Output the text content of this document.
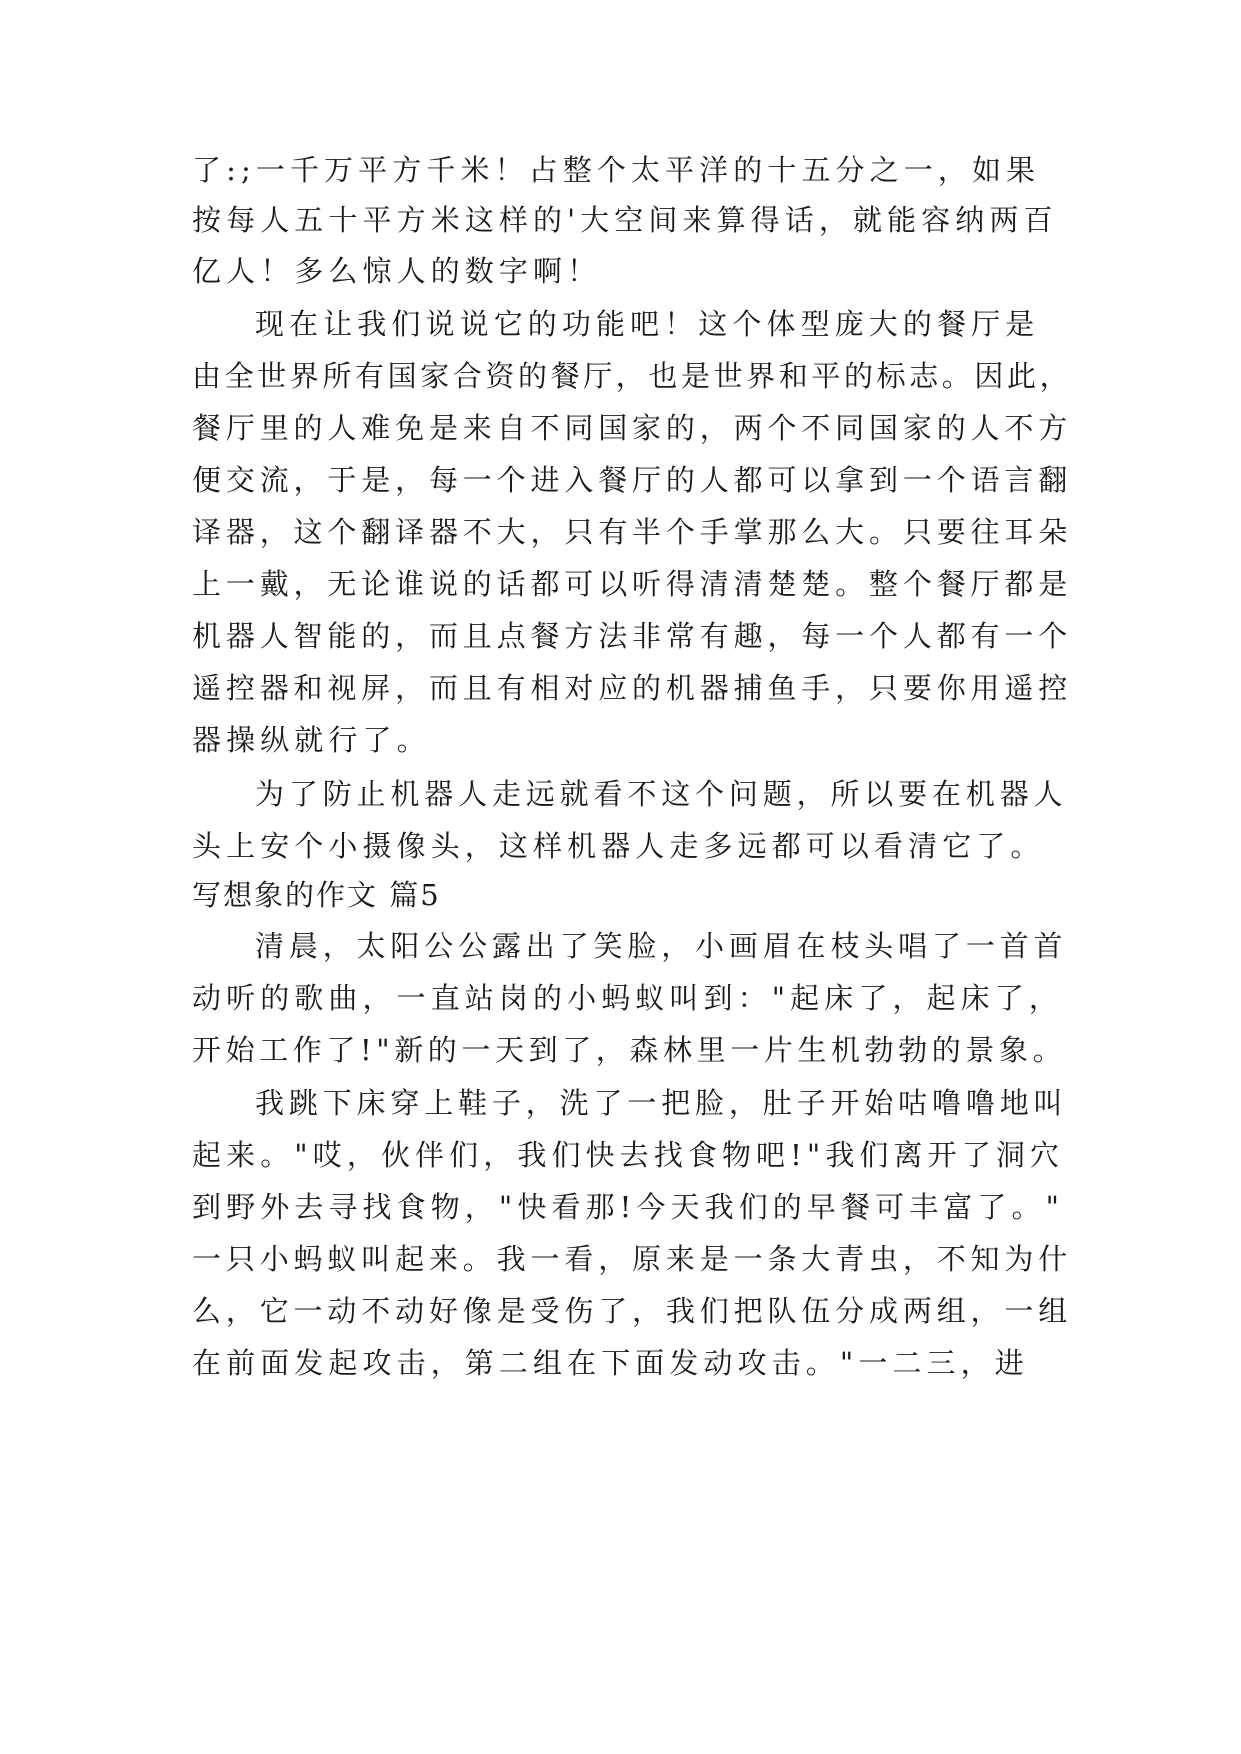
了:;一千万平方千米！占整个太平洋的十五分之一，如果
按每人五十平方米这样的'大空间来算得话，就能容纳两百
亿人！多么惊人的数字啊！
现在让我们说说它的功能吧！这个体型庞大的餐厅是
由全世界所有国家合资的餐厅，也是世界和平的标志。因此，
餐厅里的人难免是来自不同国家的，两个不同国家的人不方
便交流，于是，每一个进入餐厅的人都可以拿到一个语言翻
译器，这个翻译器不大，只有半个手掌那么大。只要往耳朵
上一戴，无论谁说的话都可以听得清清楚楚。整个餐厅都是
机器人智能的，而且点餐方法非常有趣，每一个人都有一个
遥控器和视屏，而且有相对应的机器捕鱼手，只要你用遥控
器操纵就行了。
为了防止机器人走远就看不这个问题，所以要在机器人
头上安个小摄像头，这样机器人走多远都可以看清它了。
写想象的作文 篇5
清晨，太阳公公露出了笑脸，小画眉在枝头唱了一首首
动听的歌曲，一直站岗的小蚂蚁叫到："起床了，起床了，
开始工作了!"新的一天到了，森林里一片生机勃勃的景象。
我跳下床穿上鞋子，洗了一把脸，肚子开始咕噜噜地叫
起来。"哎，伙伴们，我们快去找食物吧!"我们离开了洞穴
到野外去寻找食物，"快看那!今天我们的早餐可丰富了。"
一只小蚂蚁叫起来。我一看，原来是一条大青虫，不知为什
么，它一动不动好像是受伤了，我们把队伍分成两组，一组
在前面发起攻击，第二组在下面发动攻击。"一二三，进
